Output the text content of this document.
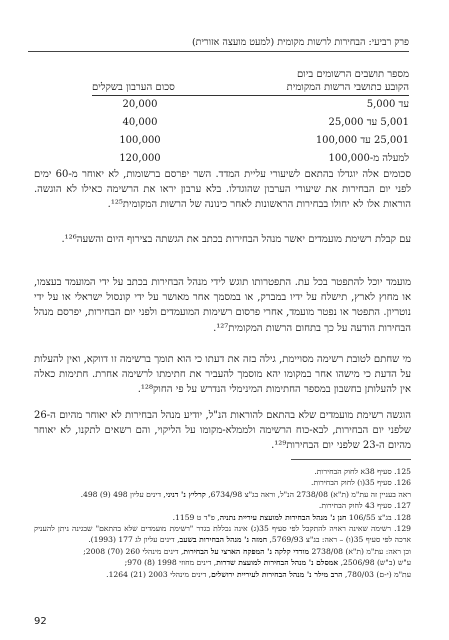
פרק רביעי: הבחירות לרשות מקומית (למעט מועצה אזורית)
מספר תושבים הרשומים ביום
הקובע כתושבי הרשות המקומית
סכום הערבון בשקלים
עד 5,000
20,000
5,001 עד 25,000
40,000
25,001 עד 100,000
100,000
למעלה מ-100,000
120,000

סכומים אלה יוגדלו בהתאם לשיעורי עליית המדד. השר יפרסם ברשומות, לא יאוחר מ-60 ימים לפני יום הבחירות את שיעורי הערבון שהוגדלו. בלא ערבון יראו את הרשימה כאילו לא הוגשה. הוראות אלו לא יחולו בבחירות הראשונות לאחר כינונה של הרשות המקומית¹²⁵.

עם קבלת רשימת מועמדים יאשר מנהל הבחירות בכתב את הגשתה בצירוף היום והשעה¹²⁶.

מועמד יוכל להתפטר בכל עת. התפטרותו תוגש לידי מנהל הבחירות בכתב על ידי המועמד בעצמו, או מחוץ לארץ, תישלח על ידיו במברק, או במסמך אחר מאושר על ידי קונסול ישראלי או על ידי נוטריון. התפטר או נפטר מועמד, אחרי פרסום רשימות המועמדים ולפני יום הבחירות, יפרסם מנהל הבחירות הודעה על כך בתחום הרשות המקומית¹²⁷.

מי שחתם לטובת רשימה מסויימת, גילה בזה את דעתו כי הוא תומך ברשימה זו דווקא, ואין להעלות על הדעת כי מישהו אחר במקומו יהא מוסמך להעביר את חתימתו לרשימה אחרת. חתימות כאלה אין להעלותן בחשבון במספר החתימות המינימלי הנדרש על פי החוק¹²⁸.

הוגשה רשימת מועמדים שלא בהתאם להוראות הנ"ל, יודיע מנהל הבחירות לא יאוחר מהיום ה-26 שלפני יום הבחירות, לבא-כוח הרשימה ולממלא-מקומו על הליקוי, והם רשאים לתקנו, לא יאוחר מהיום ה-23 שלפני יום הבחירות¹²⁹.

125. סעיף 38א לחוק הבחירות.

126. סעיף 35(ו) לחוק הבחירות.

ראה בעניין זה עת"מ (ת"א) 2738/08 הנ"ל, וראה בג"צ 6734/98, קרליץ נ' דניני, דינים עליון 498 (9) 498.

127. סעיף 43 לחוק הבחירות.

128. בג"צ 106/55 חנן נ' מנהל הבחירות למועצת עיריית נתניה, פ"ד ט 1159.

129. רשימה שאינה ראויה להתקבל לפי סעיף 35(ג) אינה נכללת בגדר "רשימת מועמדים שלא בהתאם" שבגינה ניתן להעניק ארכה לפי סעיף 35(ו) – ראה: בג"צ 5769/93, חמזה נ' מנהל הבחירות בשעב, דינים עליון לג 177 (1993).

וכן ראה: עת"מ (ת"א) 2738/08 מודדי קלקה נ' המפקח הארצי על הבחירות, דינים מינהלי 260 (70) 2008;

ע"ש (ב"ש) 2506/98, אמסלם נ' מנהל הבחירות למועצת שדרות, דינים מחוזי 1998 (8) 970;

עת"מ (י-ם) 780/03, הרב מילר נ' מנהל הבחירות לעיריית ירושלים, דינים מינהלי 2003 (21) 1264.

92
